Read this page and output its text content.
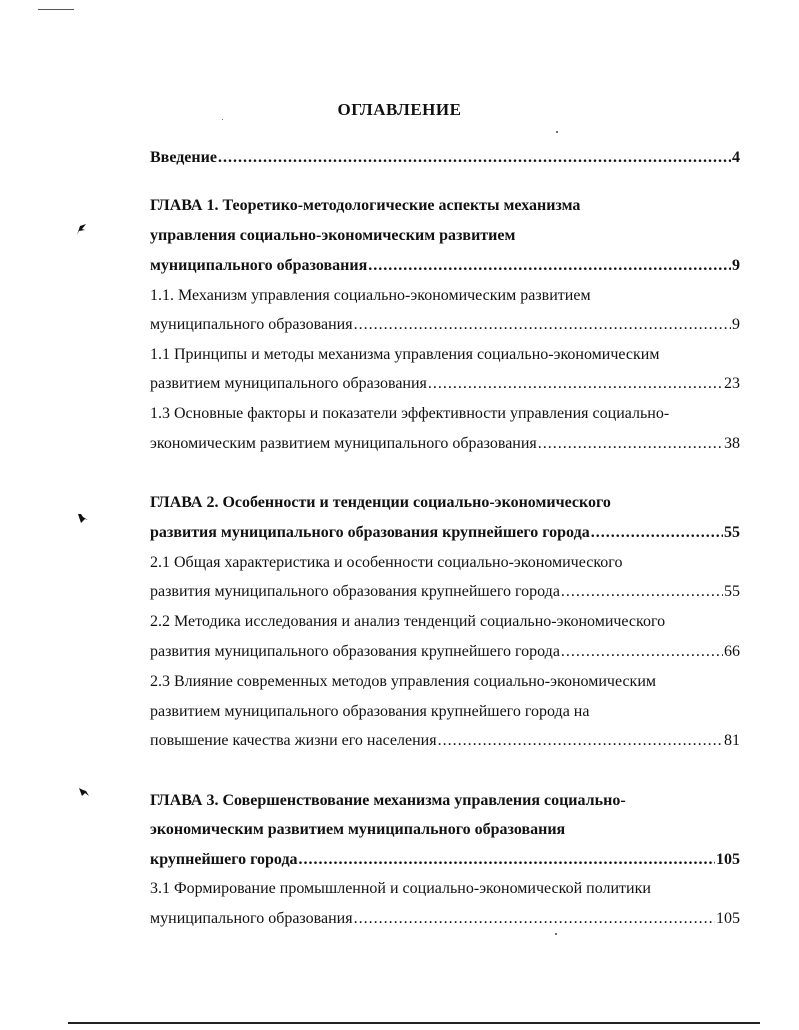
ОГЛАВЛЕНИЕ
Введение .....	4
ГЛАВА 1. Теоретико-методологические аспекты механизма
управления социально-экономическим развитием
муниципального образования .....	9
1.1. Механизм управления социально-экономическим развитием
муниципального образования .....	9
1.1 Принципы и методы механизма управления социально-экономическим
развитием муниципального образования .....	23
1.3 Основные факторы и показатели эффективности управления социально-
экономическим развитием муниципального образования .....	38
ГЛАВА 2. Особенности и тенденции социально-экономического
развития муниципального образования крупнейшего города .....	55
2.1 Общая характеристика и особенности социально-экономического
развития муниципального образования крупнейшего города .....	55
2.2 Методика исследования и анализ тенденций социально-экономического
развития муниципального образования крупнейшего города .....	66
2.3 Влияние современных методов управления социально-экономическим
развитием муниципального образования крупнейшего города на
повышение качества жизни его населения .....	81
ГЛАВА 3. Совершенствование механизма управления социально-
экономическим развитием муниципального образования
крупнейшего города .....	105
3.1 Формирование промышленной и социально-экономической политики
муниципального образования .....	105
